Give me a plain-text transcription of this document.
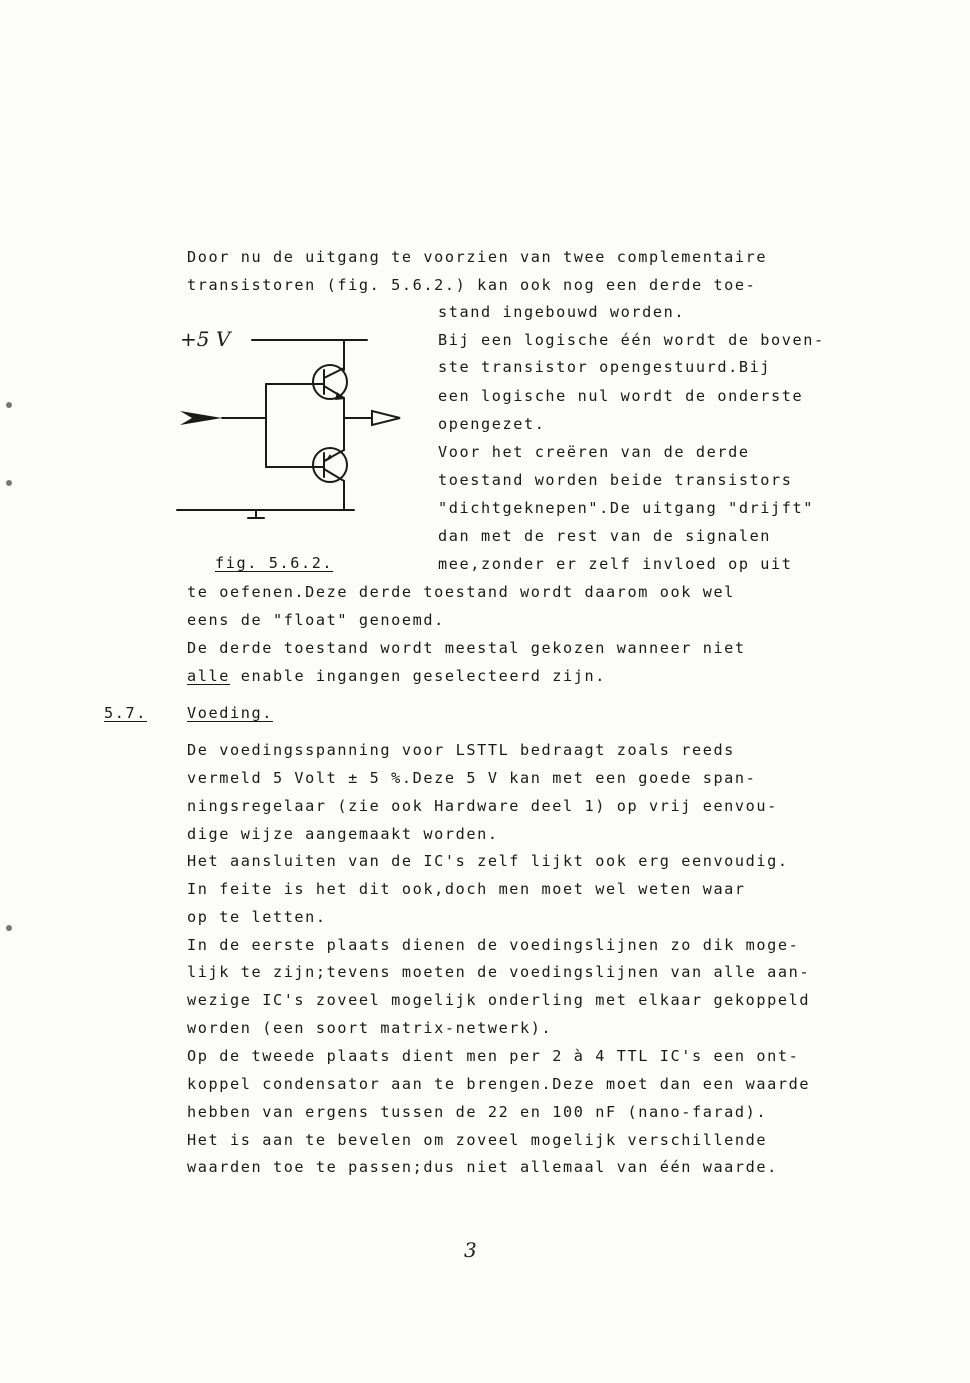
Door nu de uitgang te voorzien van twee complementaire
transistoren (fig. 5.6.2.) kan ook nog een derde toe-
stand ingebouwd worden.
Bij een logische één wordt de boven-
ste transistor opengestuurd.Bij
een logische nul wordt de onderste
opengezet.
Voor het creëren van de derde
toestand worden beide transistors
"dichtgeknepen".De uitgang "drijft"
dan met de rest van de signalen
mee,zonder er zelf invloed op uit
+5 V
fig. 5.6.2.
te oefenen.Deze derde toestand wordt daarom ook wel
eens de "float" genoemd.
De derde toestand wordt meestal gekozen wanneer niet
alle enable ingangen geselecteerd zijn.
5.7.	Voeding.
De voedingsspanning voor LSTTL bedraagt zoals reeds
vermeld 5 Volt ± 5 %.Deze 5 V kan met een goede span-
ningsregelaar (zie ook Hardware deel 1) op vrij eenvou-
dige wijze aangemaakt worden.
Het aansluiten van de IC's zelf lijkt ook erg eenvoudig.
In feite is het dit ook,doch men moet wel weten waar
op te letten.
In de eerste plaats dienen de voedingslijnen zo dik moge-
lijk te zijn;tevens moeten de voedingslijnen van alle aan-
wezige IC's zoveel mogelijk onderling met elkaar gekoppeld
worden (een soort matrix-netwerk).
Op de tweede plaats dient men per 2 à 4 TTL IC's een ont-
koppel condensator aan te brengen.Deze moet dan een waarde
hebben van ergens tussen de 22 en 100 nF (nano-farad).
Het is aan te bevelen om zoveel mogelijk verschillende
waarden toe te passen;dus niet allemaal van één waarde.
3
